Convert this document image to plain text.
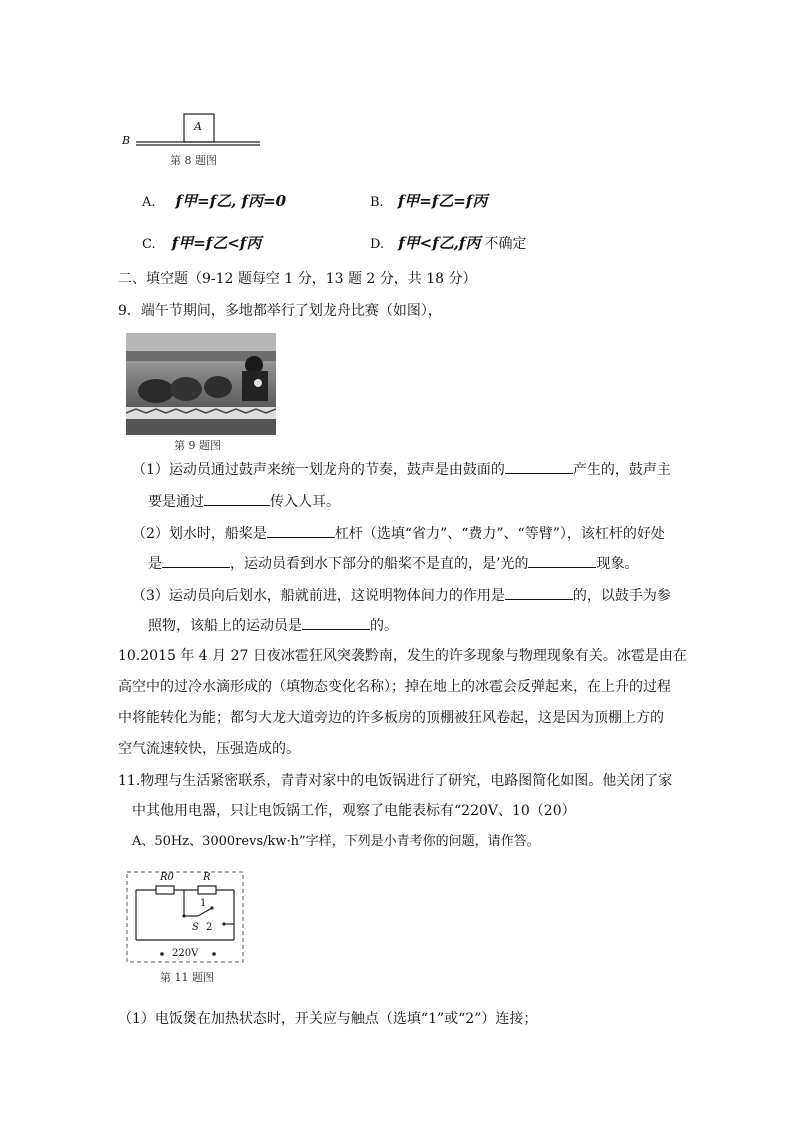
A
B
第 8 题图
A. f甲=f乙, f丙=0	B. f甲=f乙=f丙
C. f甲=f乙<f丙	D. f甲<f乙,f丙 不确定
二、填空题（9-12 题每空 1 分，13 题 2 分，共 18 分）
9．端午节期间，多地都举行了划龙舟比赛（如图），
第 9 题图
（1）运动员通过鼓声来统一划龙舟的节奏，鼓声是由鼓面的	产生的，鼓声主
要是通过	传入人耳。
（2）划水时，船桨是	杠杆（选填“省力”、“费力”、“等臂”），该杠杆的好处
是	，运动员看到水下部分的船桨不是直的，是’光的	现象。
（3）运动员向后划水，船就前进，这说明物体间力的作用是	的，以鼓手为参
照物，该船上的运动员是	的。
10.2015 年 4 月 27 日夜冰雹狂风突袭黔南，发生的许多现象与物理现象有关。冰雹是由在
高空中的过冷水滴形成的（填物态变化名称）；掉在地上的冰雹会反弹起来，在上升的过程
中将能转化为能；都匀大龙大道旁边的许多板房的顶棚被狂风卷起，这是因为顶棚上方的
空气流速较快，压强造成的。
11.物理与生活紧密联系，青青对家中的电饭锅进行了研究，电路图简化如图。他关闭了家
中其他用电器，只让电饭锅工作，观察了电能表标有“220V、10（20）
A、50Hz、3000revs/kw·h”字样，下列是小青考你的问题，请作答。
R0	R
1
S 2
220V
第 11 题图
（1）电饭煲在加热状态时，开关应与触点（选填“1”或“2”）连接；
